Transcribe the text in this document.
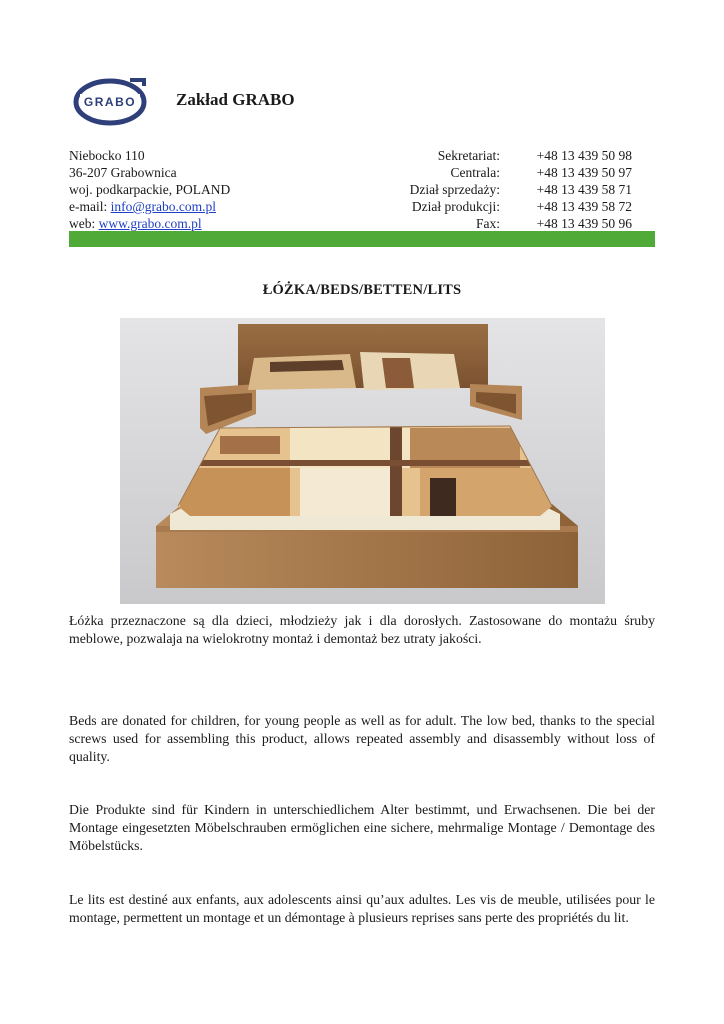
GRABO Zakład GRABO
Niebocko 110
36-207 Grabownica
woj. podkarpackie, POLAND
e-mail: info@grabo.com.pl
web: www.grabo.com.pl
Sekretariat:	+48 13 439 50 98
Centrala:	+48 13 439 50 97
Dział sprzedaży:	+48 13 439 58 71
Dział produkcji:	+48 13 439 58 72
Fax:	+48 13 439 50 96
ŁÓŻKA/BEDS/BETTEN/LITS
Łóżka przeznaczone są dla dzieci, młodzieży jak i dla dorosłych. Zastosowane do montażu śruby meblowe, pozwalaja na wielokrotny montaż i demontaż bez utraty jakości.
Beds are donated for children, for young people as well as for adult. The low bed, thanks to the special screws used for assembling this product, allows repeated assembly and disassembly without loss of quality.
Die Produkte sind für Kindern in unterschiedlichem Alter bestimmt, und Erwachsenen. Die bei der Montage eingesetzten Möbelschrauben ermöglichen eine sichere, mehrmalige Montage / Demontage des Möbelstücks.
Le lits est destiné aux enfants, aux adolescents ainsi qu’aux adultes. Les vis de meuble, utilisées pour le montage, permettent un montage et un démontage à plusieurs reprises sans perte des propriétés du lit.
